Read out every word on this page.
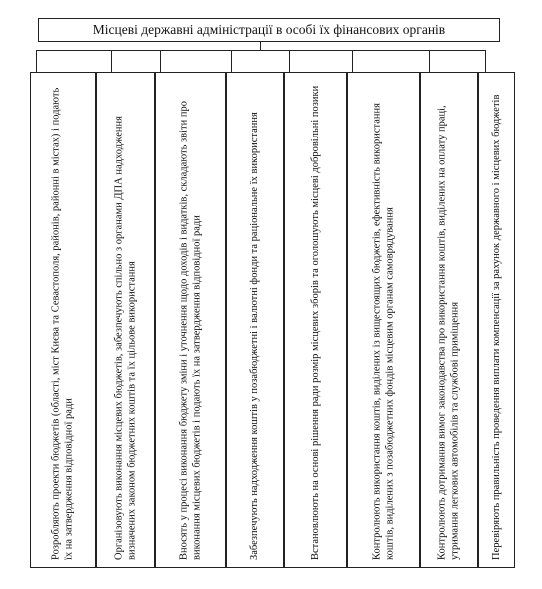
Місцеві державні адміністрації в особі їх фінансових органів
Розробляють проекти бюджетів (області, міст Києва та Севастополя, районів, районні в містах) і подають їх на затвердження відповідної ради	Організовують виконання місцевих бюджетів, забезпечують спільно з органами ДПА надходження визначених законом бюджетних коштів та їх цільове використання	Вносять у процесі виконання бюджету зміни і уточнення щодо доходів і видатків, складають звіти про виконання місцевих бюджетів і подають їх на затвердження відповідної ради	Забезпечують надходження коштів у позабюджетні і валютні фонди та раціональне їх використання	Встановлюють на основі рішення ради розмір місцевих зборів та оголошують місцеві добровільні позики	Контролюють використання коштів, виділених із вищестоящих бюджетів, ефективність використання коштів, виділених з позабюджетних фондів місцевим органам самоврядування	Контролюють дотримання вимог законодавства про використання коштів, виділених на оплату праці, утримання легкових автомобілів та службові приміщення	Перевіряють правильність проведення виплати компенсації за рахунок державного і місцевих бюджетів
